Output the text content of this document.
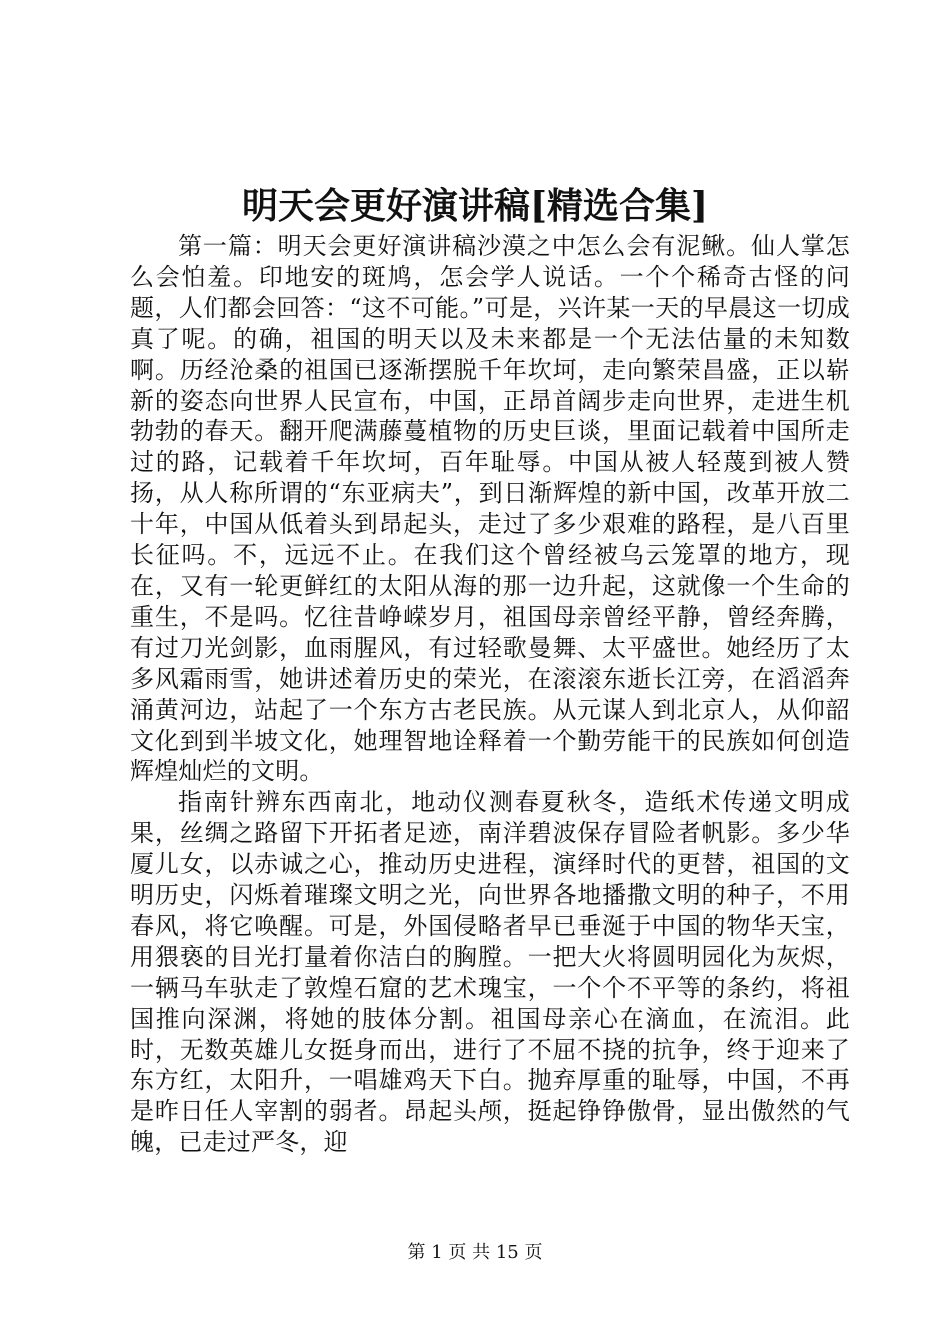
明天会更好演讲稿[精选合集]

第一篇：明天会更好演讲稿沙漠之中怎么会有泥鳅。仙人掌怎么会怕羞。印地安的斑鸠，怎会学人说话。一个个稀奇古怪的问题，人们都会回答：“这不可能。”可是，兴许某一天的早晨这一切成真了呢。的确，祖国的明天以及未来都是一个无法估量的未知数啊。历经沧桑的祖国已逐渐摆脱千年坎坷，走向繁荣昌盛，正以崭新的姿态向世界人民宣布，中国，正昂首阔步走向世界，走进生机勃勃的春天。翻开爬满藤蔓植物的历史巨谈，里面记载着中国所走过的路，记载着千年坎坷，百年耻辱。中国从被人轻蔑到被人赞扬，从人称所谓的“东亚病夫”，到日渐辉煌的新中国，改革开放二十年，中国从低着头到昂起头，走过了多少艰难的路程，是八百里长征吗。不，远远不止。在我们这个曾经被乌云笼罩的地方，现在，又有一轮更鲜红的太阳从海的那一边升起，这就像一个生命的重生，不是吗。忆往昔峥嵘岁月，祖国母亲曾经平静，曾经奔腾，有过刀光剑影，血雨腥风，有过轻歌曼舞、太平盛世。她经历了太多风霜雨雪，她讲述着历史的荣光，在滚滚东逝长江旁，在滔滔奔涌黄河边，站起了一个东方古老民族。从元谋人到北京人，从仰韶文化到到半坡文化，她理智地诠释着一个勤劳能干的民族如何创造辉煌灿烂的文明。

指南针辨东西南北，地动仪测春夏秋冬，造纸术传递文明成果，丝绸之路留下开拓者足迹，南洋碧波保存冒险者帆影。多少华厦儿女，以赤诚之心，推动历史进程，演绎时代的更替，祖国的文明历史，闪烁着璀璨文明之光，向世界各地播撒文明的种子，不用春风，将它唤醒。可是，外国侵略者早已垂涎于中国的物华天宝，用猥亵的目光打量着你洁白的胸膛。一把大火将圆明园化为灰烬，一辆马车驮走了敦煌石窟的艺术瑰宝，一个个不平等的条约，将祖国推向深渊，将她的肢体分割。祖国母亲心在滴血，在流泪。此时，无数英雄儿女挺身而出，进行了不屈不挠的抗争，终于迎来了东方红，太阳升，一唱雄鸡天下白。抛弃厚重的耻辱，中国，不再是昨日任人宰割的弱者。昂起头颅，挺起铮铮傲骨，显出傲然的气魄，已走过严冬，迎

第 1 页 共 15 页
